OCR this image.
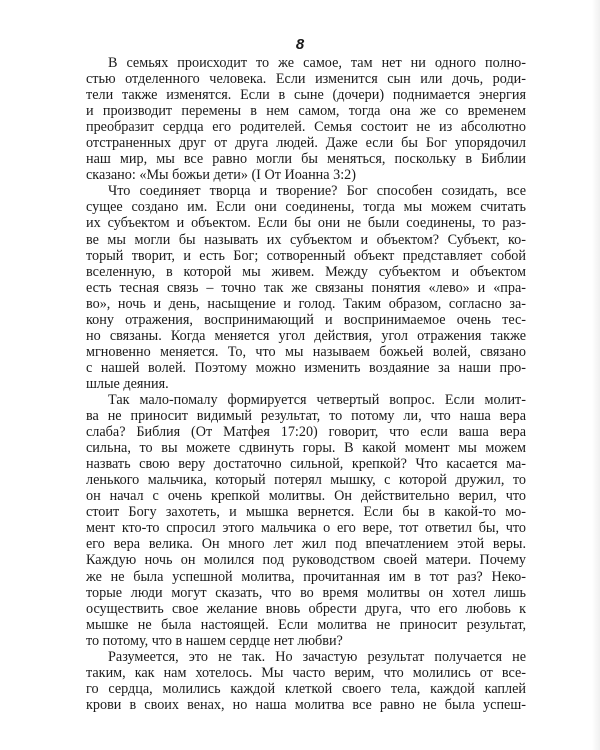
8
В семьях происходит то же самое, там нет ни одного полно-
стью отделенного человека. Если изменится сын или дочь, роди-
тели также изменятся. Если в сыне (дочери) поднимается энергия
и производит перемены в нем самом, тогда она же со временем
преобразит сердца его родителей. Семья состоит не из абсолютно
отстраненных друг от друга людей. Даже если бы Бог упорядочил
наш мир, мы все равно могли бы меняться, поскольку в Библии
сказано: «Мы божьи дети» (I От Иоанна 3:2)
Что соединяет творца и творение? Бог способен созидать, все
сущее создано им. Если они соединены, тогда мы можем считать
их субъектом и объектом. Если бы они не были соединены, то раз-
ве мы могли бы называть их субъектом и объектом? Субъект, ко-
торый творит, и есть Бог; сотворенный объект представляет собой
вселенную, в которой мы живем. Между субъектом и объектом
есть тесная связь – точно так же связаны понятия «лево» и «пра-
во», ночь и день, насыщение и голод. Таким образом, согласно за-
кону отражения, воспринимающий и воспринимаемое очень тес-
но связаны. Когда меняется угол действия, угол отражения также
мгновенно меняется. То, что мы называем божьей волей, связано
с нашей волей. Поэтому можно изменить воздаяние за наши про-
шлые деяния.
Так мало-помалу формируется четвертый вопрос. Если молит-
ва не приносит видимый результат, то потому ли, что наша вера
слаба? Библия (От Матфея 17:20) говорит, что если ваша вера
сильна, то вы можете сдвинуть горы. В какой момент мы можем
назвать свою веру достаточно сильной, крепкой? Что касается ма-
ленького мальчика, который потерял мышку, с которой дружил, то
он начал с очень крепкой молитвы. Он действительно верил, что
стоит Богу захотеть, и мышка вернется. Если бы в какой-то мо-
мент кто-то спросил этого мальчика о его вере, тот ответил бы, что
его вера велика. Он много лет жил под впечатлением этой веры.
Каждую ночь он молился под руководством своей матери. Почему
же не была успешной молитва, прочитанная им в тот раз? Неко-
торые люди могут сказать, что во время молитвы он хотел лишь
осуществить свое желание вновь обрести друга, что его любовь к
мышке не была настоящей. Если молитва не приносит результат,
то потому, что в нашем сердце нет любви?
Разумеется, это не так. Но зачастую результат получается не
таким, как нам хотелось. Мы часто верим, что молились от все-
го сердца, молились каждой клеткой своего тела, каждой каплей
крови в своих венах, но наша молитва все равно не была успеш-
